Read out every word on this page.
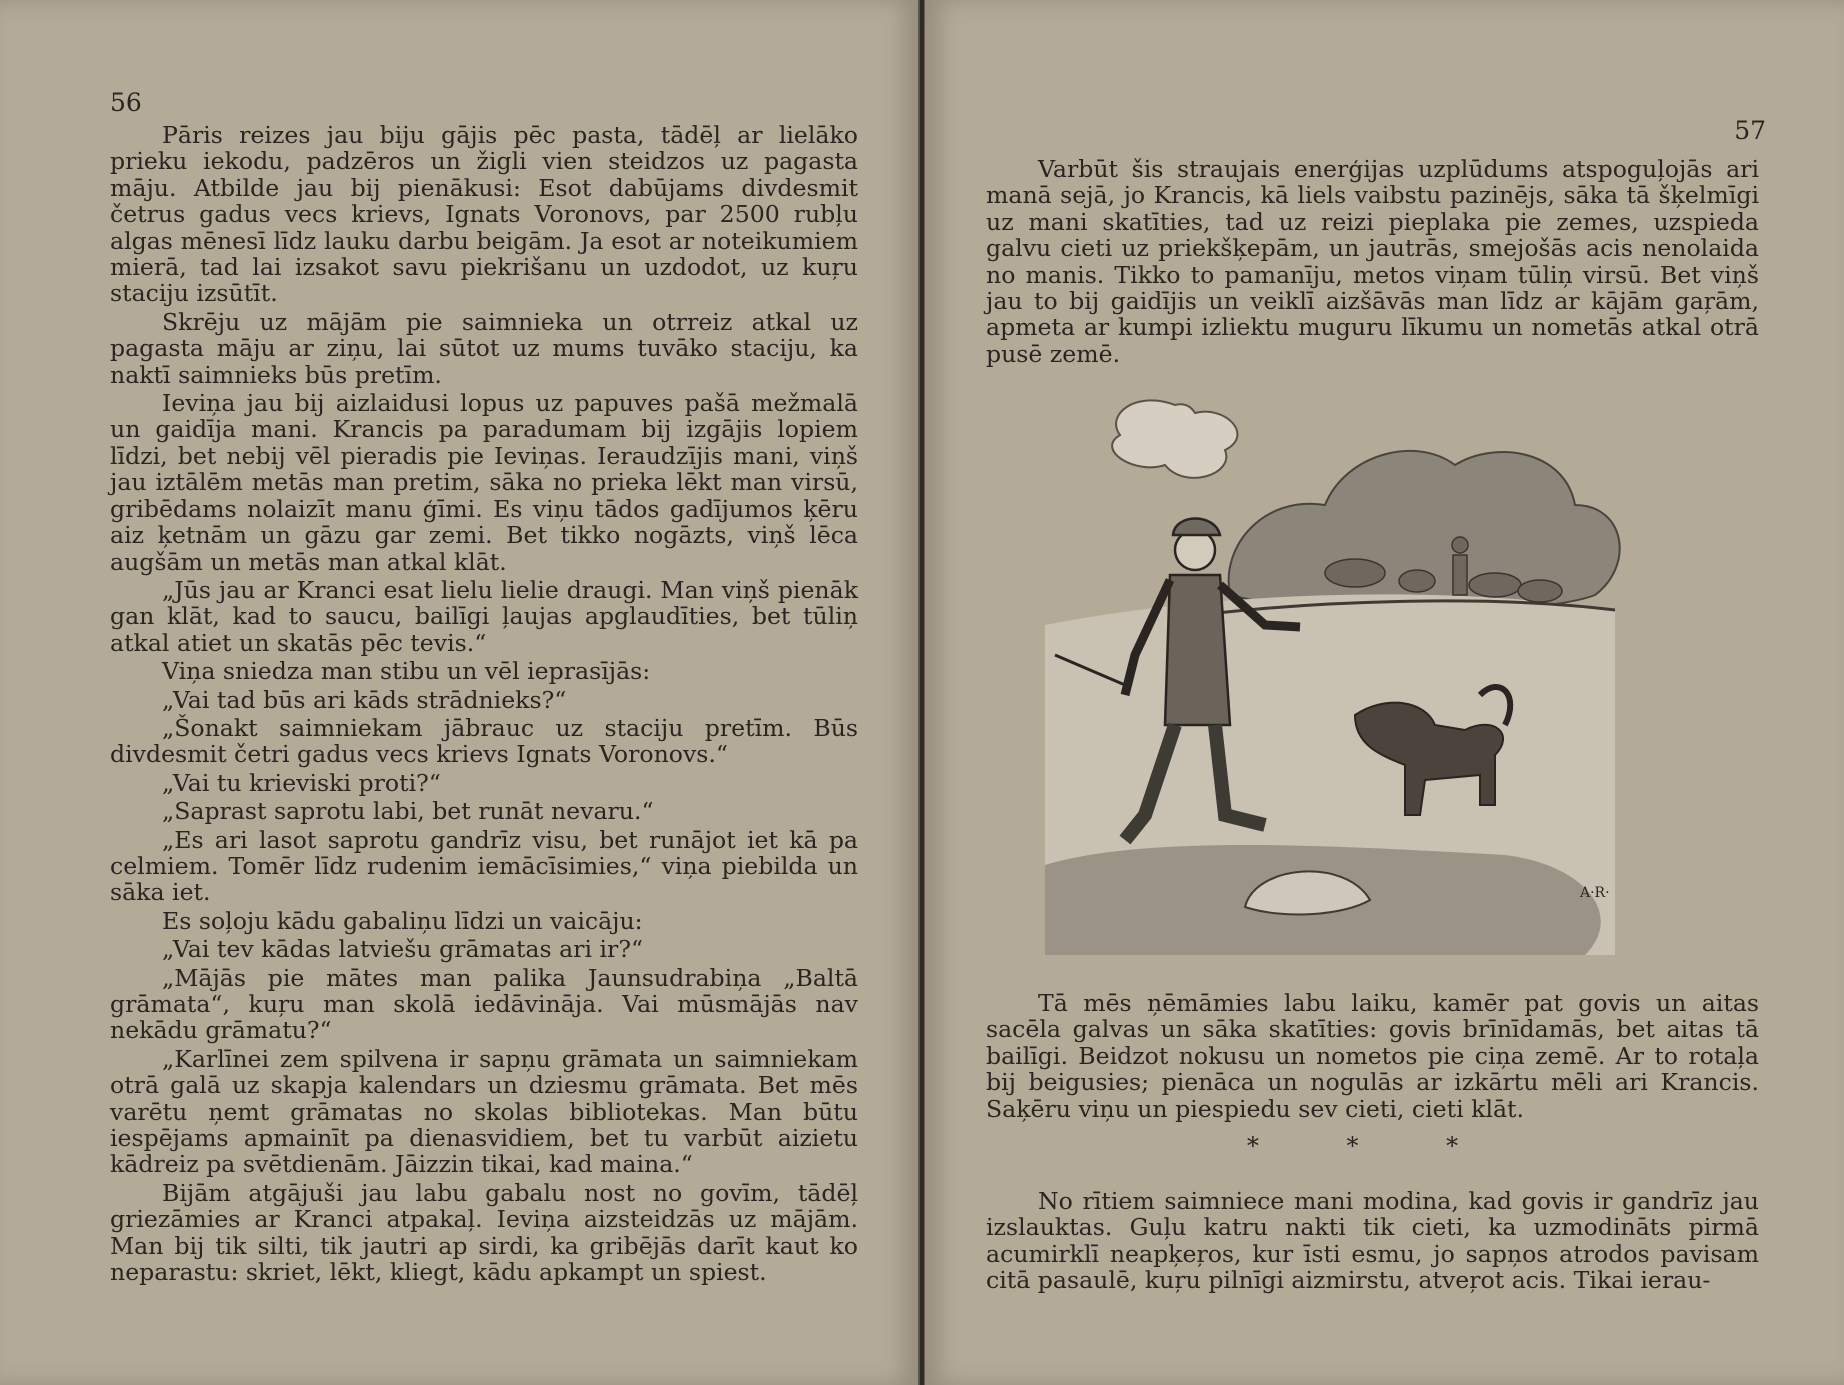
56

Pāris reizes jau biju gājis pēc pasta, tādēļ ar lielāko prieku iekodu, padzēros un žigli vien steidzos uz pagasta māju. Atbilde jau bij pienākusi: Esot dabūjams divdesmit četrus gadus vecs krievs, Ignats Voronovs, par 2500 rubļu algas mēnesī līdz lauku darbu beigām. Ja esot ar noteikumiem mierā, tad lai izsakot savu piekrišanu un uzdodot, uz kuŗu staciju izsūtīt.

Skrēju uz mājām pie saimnieka un otrreiz atkal uz pagasta māju ar ziņu, lai sūtot uz mums tuvāko staciju, ka naktī saimnieks būs pretīm.

Ieviņa jau bij aizlaidusi lopus uz papuves pašā mežmalā un gaidīja mani. Krancis pa paradumam bij izgājis lopiem līdzi, bet nebij vēl pieradis pie Ieviņas. Ieraudzījis mani, viņš jau iztālēm metās man pretim, sāka no prieka lēkt man virsū, gribēdams nolaizīt manu ģīmi. Es viņu tādos gadījumos ķēru aiz ķetnām un gāzu gar zemi. Bet tikko nogāzts, viņš lēca augšām un metās man atkal klāt.

„Jūs jau ar Kranci esat lielu lielie draugi. Man viņš pienāk gan klāt, kad to saucu, bailīgi ļaujas apglaudīties, bet tūliņ atkal atiet un skatās pēc tevis.“

Viņa sniedza man stibu un vēl ieprasījās:

„Vai tad būs ari kāds strādnieks?“

„Šonakt saimniekam jābrauc uz staciju pretīm. Būs divdesmit četri gadus vecs krievs Ignats Voronovs.“

„Vai tu krieviski proti?“

„Saprast saprotu labi, bet runāt nevaru.“

„Es ari lasot saprotu gandrīz visu, bet runājot iet kā pa celmiem. Tomēr līdz rudenim iemācīsimies,“ viņa piebilda un sāka iet.

Es soļoju kādu gabaliņu līdzi un vaicāju:

„Vai tev kādas latviešu grāmatas ari ir?“

„Mājās pie mātes man palika Jaunsudrabiņa „Baltā grāmata“, kuŗu man skolā iedāvināja. Vai mūsmājās nav nekādu grāmatu?“

„Karlīnei zem spilvena ir sapņu grāmata un saimniekam otrā galā uz skapja kalendars un dziesmu grāmata. Bet mēs varētu ņemt grāmatas no skolas bibliotekas. Man būtu iespējams apmainīt pa dienasvidiem, bet tu varbūt aizietu kādreiz pa svētdienām. Jāizzin tikai, kad maina.“

Bijām atgājuši jau labu gabalu nost no govīm, tādēļ griezāmies ar Kranci atpakaļ. Ieviņa aizsteidzās uz mājām. Man bij tik silti, tik jautri ap sirdi, ka gribējās darīt kaut ko neparastu: skriet, lēkt, kliegt, kādu apkampt un spiest.

57

Varbūt šis straujais enerģijas uzplūdums atspoguļojās ari manā sejā, jo Krancis, kā liels vaibstu pazinējs, sāka tā šķelmīgi uz mani skatīties, tad uz reizi pieplaka pie zemes, uzspieda galvu cieti uz priekšķepām, un jautrās, smejošās acis nenolaida no manis. Tikko to pamanīju, metos viņam tūliņ virsū. Bet viņš jau to bij gaidījis un veiklī aizšāvās man līdz ar kājām gaŗām, apmeta ar kumpi izliektu muguru līkumu un nometās atkal otrā pusē zemē.

A·R·

Tā mēs ņēmāmies labu laiku, kamēr pat govis un aitas sacēla galvas un sāka skatīties: govis brīnīdamās, bet aitas tā bailīgi. Beidzot nokusu un nometos pie ciņa zemē. Ar to rotaļa bij beigusies; pienāca un nogulās ar izkārtu mēli ari Krancis. Saķēru viņu un piespiedu sev cieti, cieti klāt.

* * *

No rītiem saimniece mani modina, kad govis ir gandrīz jau izslauktas. Guļu katru nakti tik cieti, ka uzmodināts pirmā acumirklī neapķeŗos, kur īsti esmu, jo sapņos atrodos pavisam citā pasaulē, kuŗu pilnīgi aizmirstu, atveŗot acis. Tikai ierau-
